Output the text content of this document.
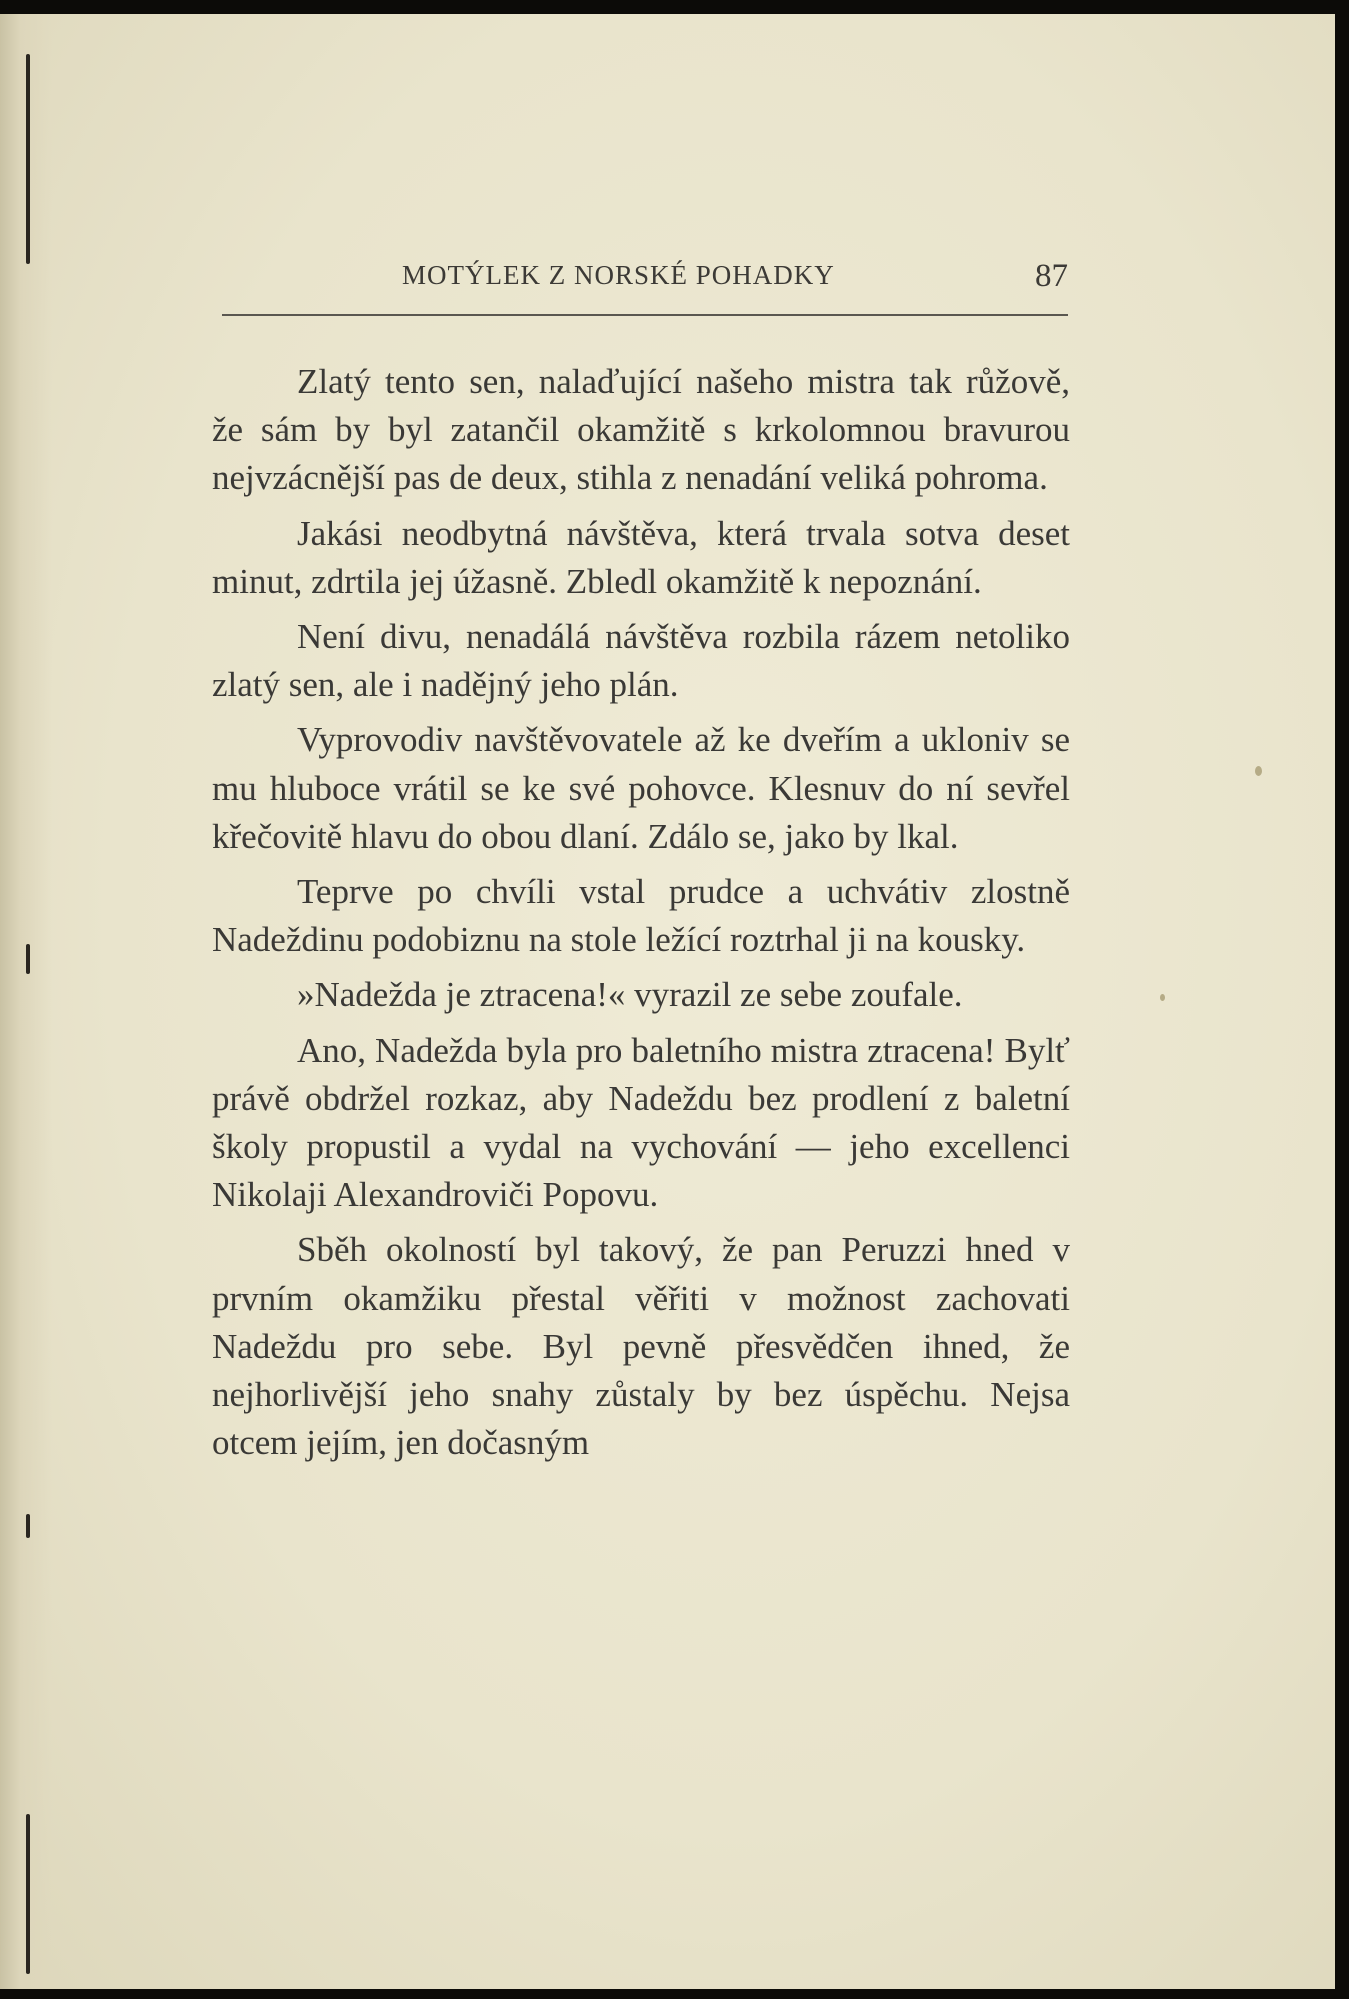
MOTÝLEK Z NORSKÉ POHADKY	87

Zlatý tento sen, nalaďující našeho mistra tak růžově, že sám by byl zatančil okamžitě s krkolomnou bravurou nejvzácnější pas de deux, stihla z nenadání veliká pohroma.

Jakási neodbytná návštěva, která trvala sotva deset minut, zdrtila jej úžasně. Zbledl okamžitě k nepoznání.

Není divu, nenadálá návštěva rozbila rázem netoliko zlatý sen, ale i nadějný jeho plán.

Vyprovodiv navštěvovatele až ke dveřím a ukloniv se mu hluboce vrátil se ke své pohovce. Klesnuv do ní sevřel křečovitě hlavu do obou dlaní. Zdálo se, jako by lkal.

Teprve po chvíli vstal prudce a uchvátiv zlostně Nadeždinu podobiznu na stole ležící roztrhal ji na kousky.

»Nadežda je ztracena!« vyrazil ze sebe zoufale.

Ano, Nadežda byla pro baletního mistra ztracena! Bylť právě obdržel rozkaz, aby Nadeždu bez prodlení z baletní školy propustil a vydal na vychování — jeho excellenci Nikolaji Alexandroviči Popovu.

Sběh okolností byl takový, že pan Peruzzi hned v prvním okamžiku přestal věřiti v možnost zachovati Nadeždu pro sebe. Byl pevně přesvědčen ihned, že nejhorlivější jeho snahy zůstaly by bez úspěchu. Nejsa otcem jejím, jen dočasným
